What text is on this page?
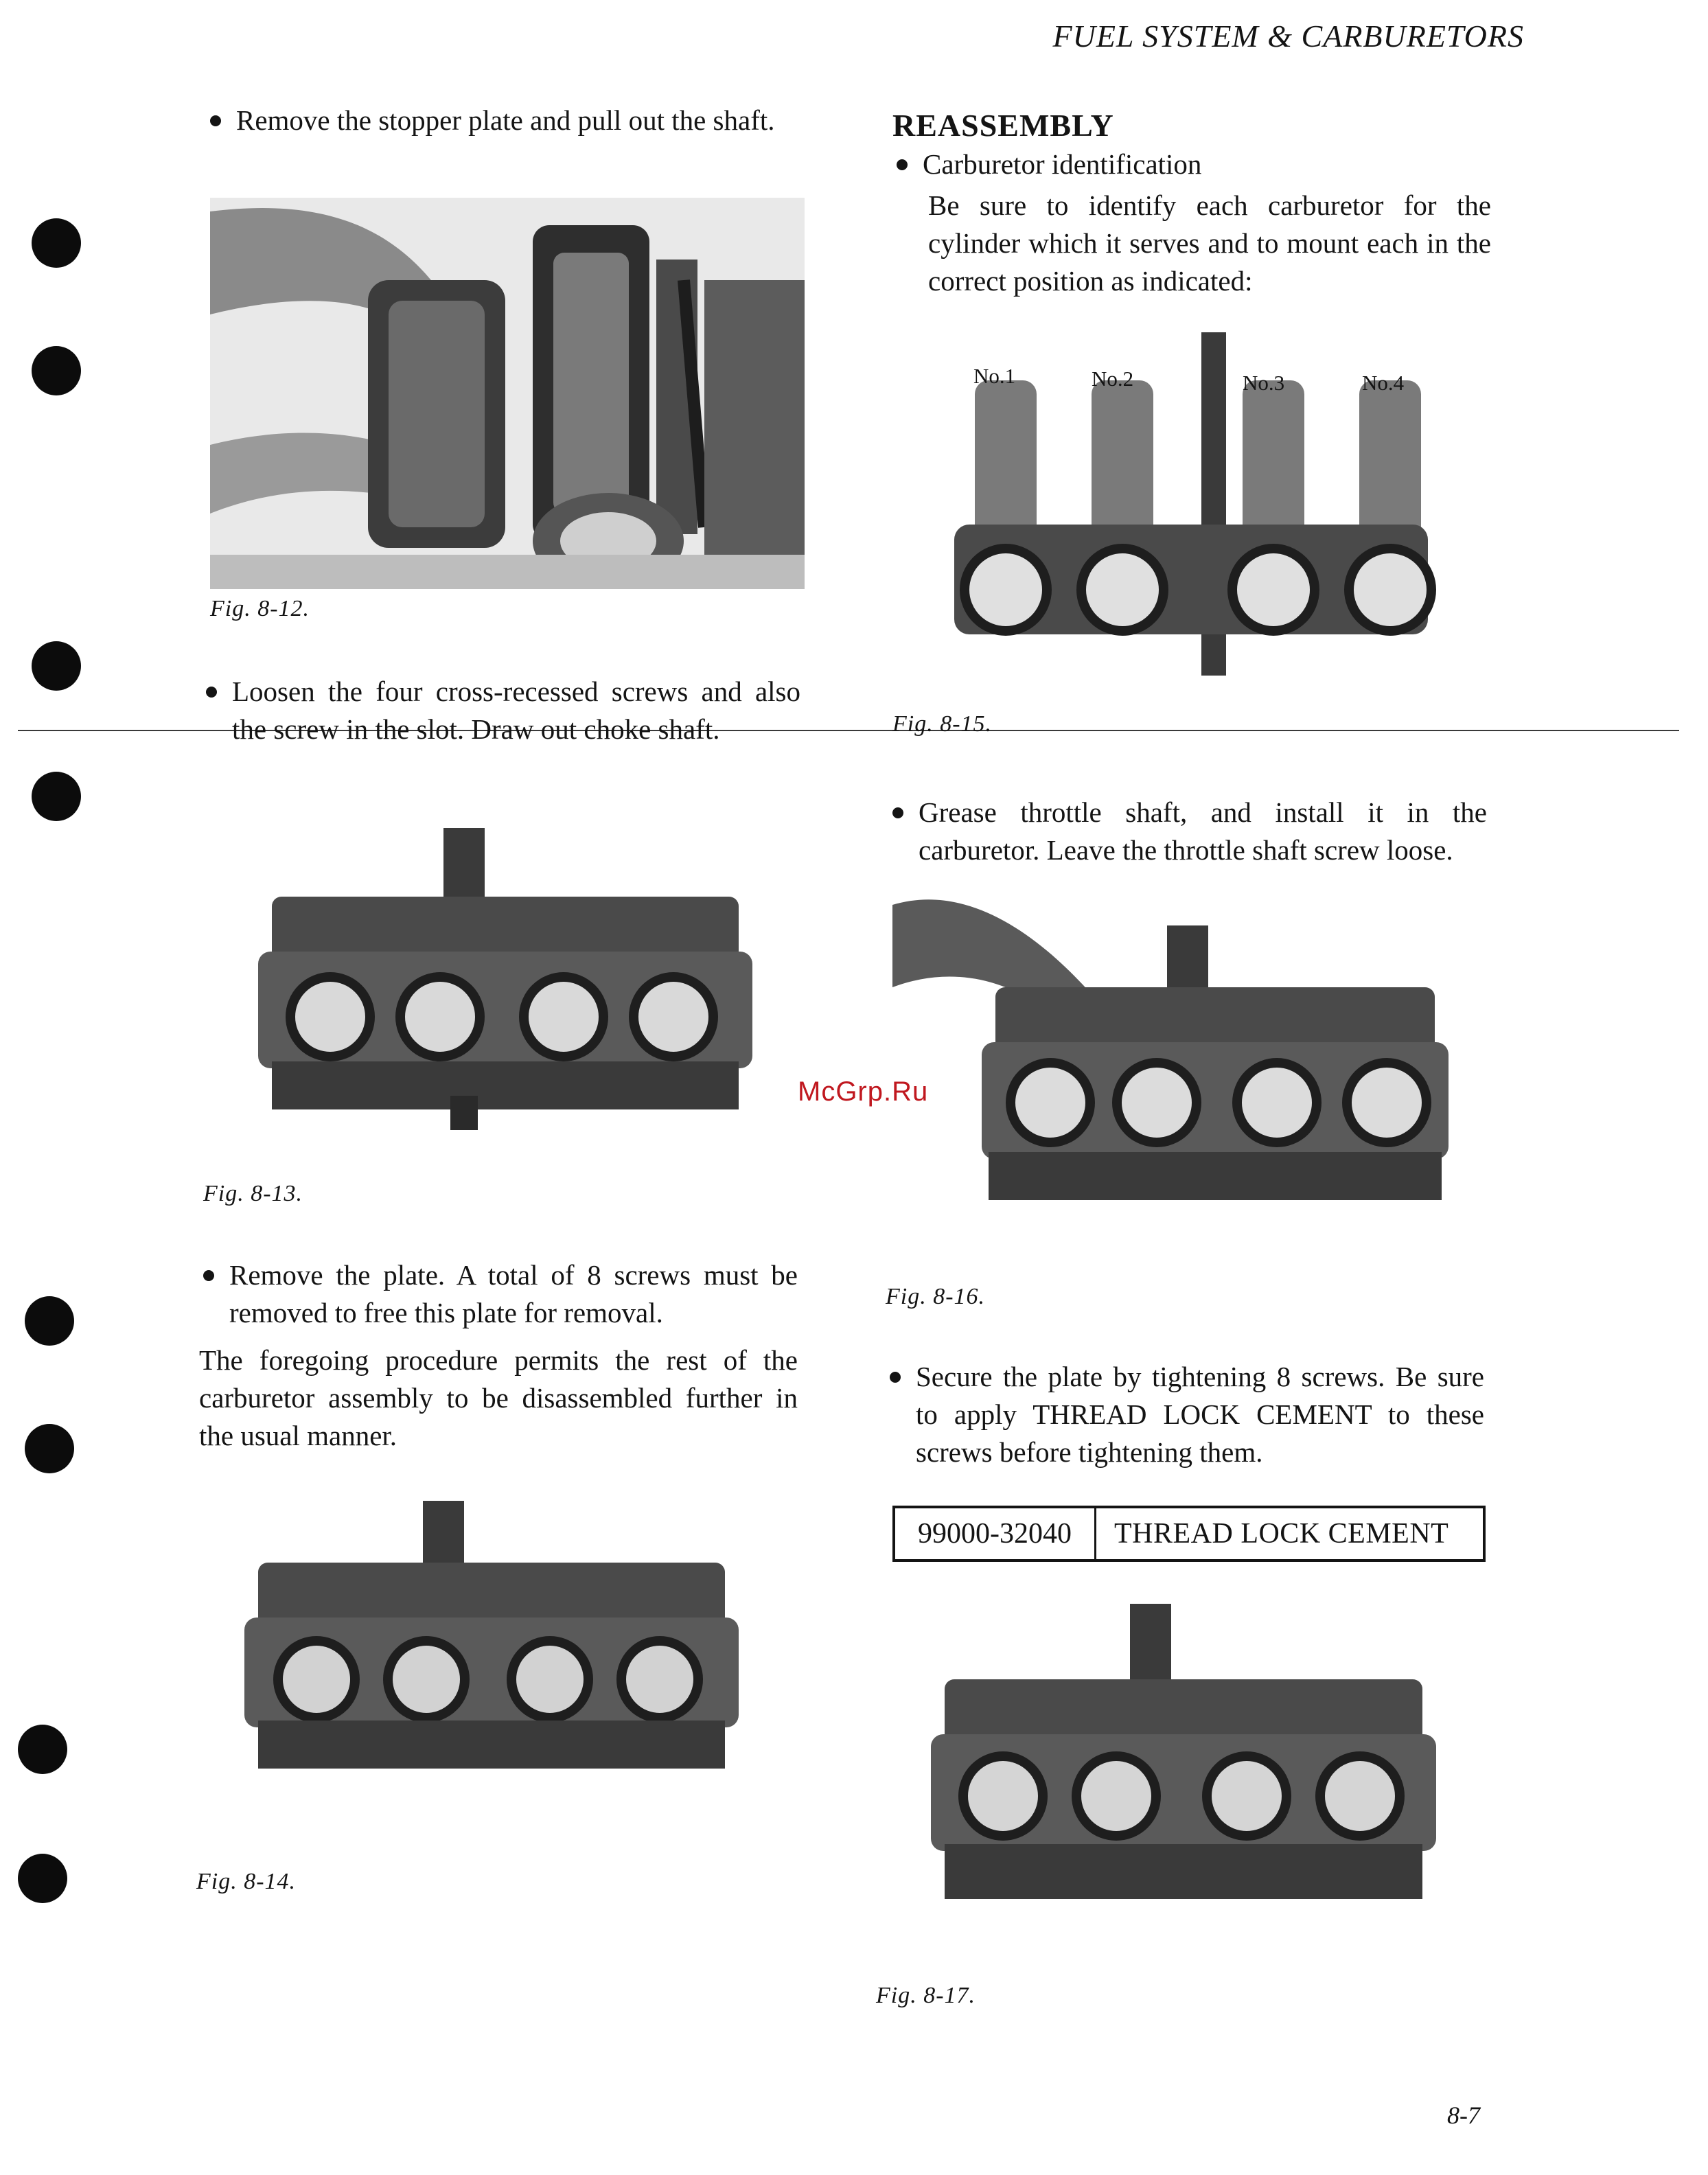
FUEL SYSTEM & CARBURETORS
Remove the stopper plate and pull out the shaft.
Fig. 8-12.
Loosen the four cross-recessed screws and also the screw in the slot. Draw out choke shaft.
Fig. 8-13.
Remove the plate. A total of 8 screws must be removed to free this plate for removal.
The foregoing procedure permits the rest of the carburetor assembly to be disassembled further in the usual manner.
Fig. 8-14.
REASSEMBLY
Carburetor identification
Be sure to identify each carburetor for the cylinder which it serves and to mount each in the correct position as indicated:
No.1	No.2	No.3	No.4
Fig. 8-15.
Grease throttle shaft, and install it in the carburetor. Leave the throttle shaft screw loose.
Fig. 8-16.
Secure the plate by tightening 8 screws. Be sure to apply THREAD LOCK CEMENT to these screws before tightening them.
99000-32040	THREAD LOCK CEMENT
Fig. 8-17.
McGrp.Ru
8-7
